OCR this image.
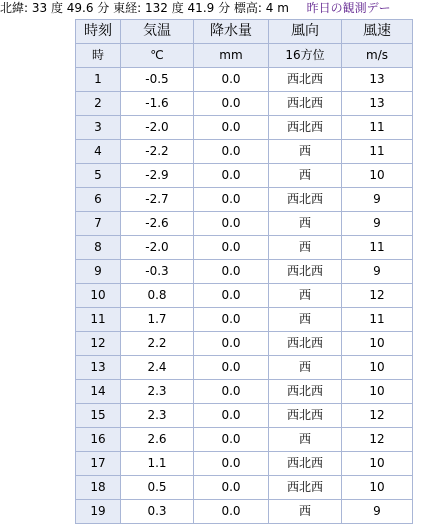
北緯: 33 度 49.6 分 東経: 132 度 41.9 分 標高: 4 m 昨日の観測デー
時刻	気温	降水量	風向	風速
時	℃	mm	16方位	m/s
1	-0.5	0.0	西北西	13
2	-1.6	0.0	西北西	13
3	-2.0	0.0	西北西	11
4	-2.2	0.0	西	11
5	-2.9	0.0	西	10
6	-2.7	0.0	西北西	9
7	-2.6	0.0	西	9
8	-2.0	0.0	西	11
9	-0.3	0.0	西北西	9
10	0.8	0.0	西	12
11	1.7	0.0	西	11
12	2.2	0.0	西北西	10
13	2.4	0.0	西	10
14	2.3	0.0	西北西	10
15	2.3	0.0	西北西	12
16	2.6	0.0	西	12
17	1.1	0.0	西北西	10
18	0.5	0.0	西北西	10
19	0.3	0.0	西	9
